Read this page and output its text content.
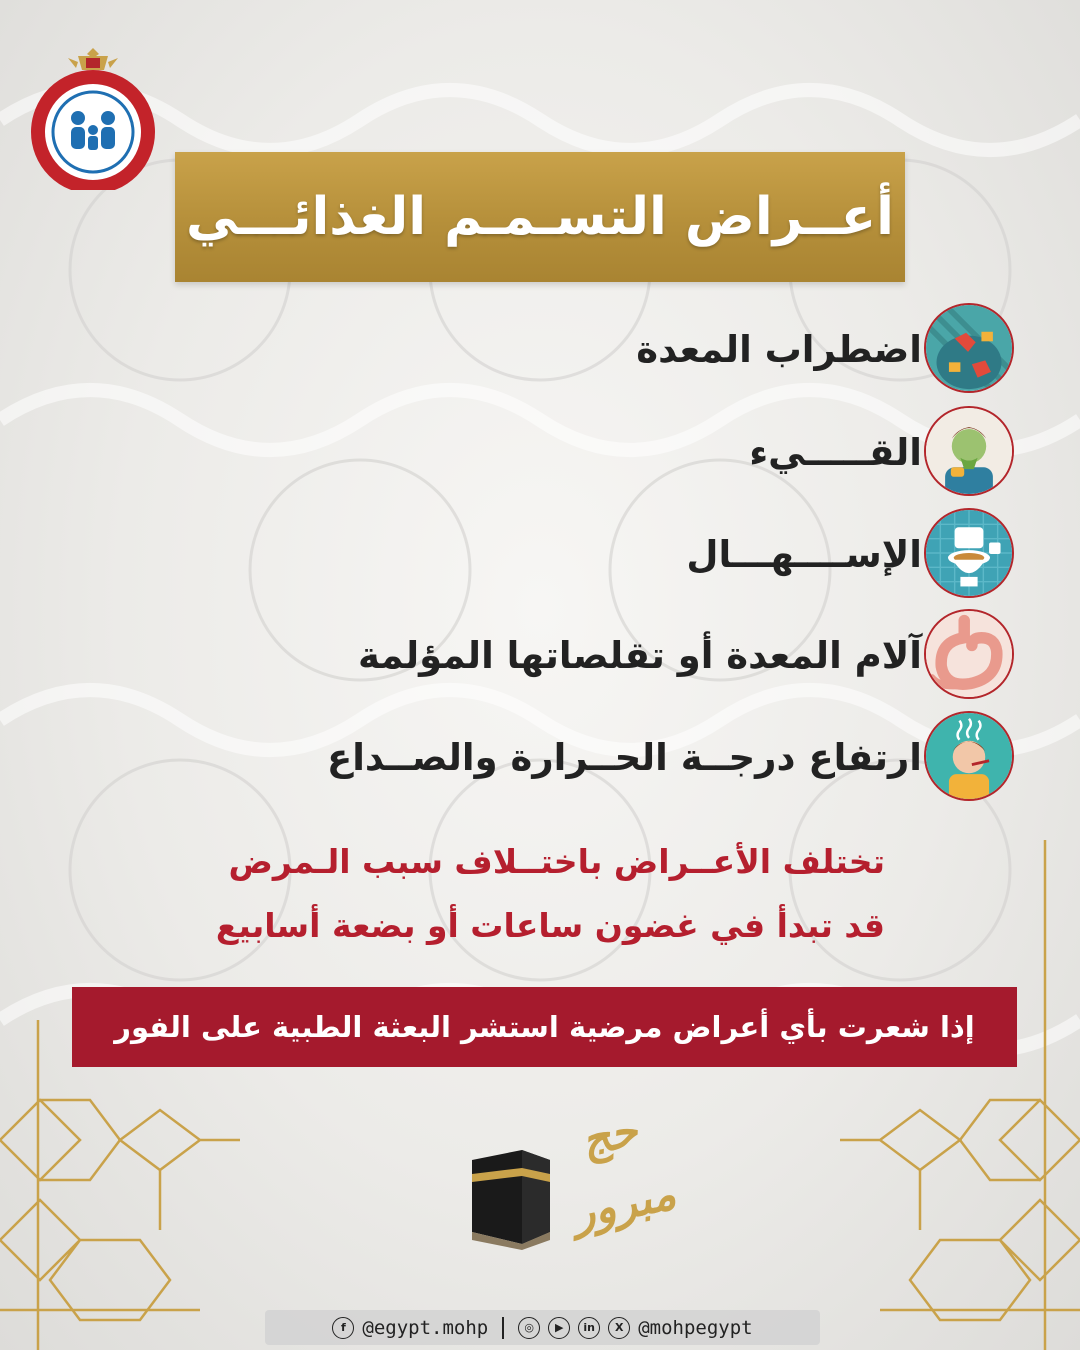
أعــراض التسـمـم الغذائـــي
اضطراب المعدة
القـــــيء
الإســــهـــال
آلام المعدة أو تقلصاتها المؤلمة
ارتفاع درجــة الحــرارة والصــداع
تختلف الأعــراض باختــلاف سبب الـمرض
قد تبدأ في غضون ساعات أو بضعة أسابيع
إذا شعرت بأي أعراض مرضية استشر البعثة الطبية على الفور
حج مبرور
f @egypt.mohp	◎	▶	in	X @mohpegypt
